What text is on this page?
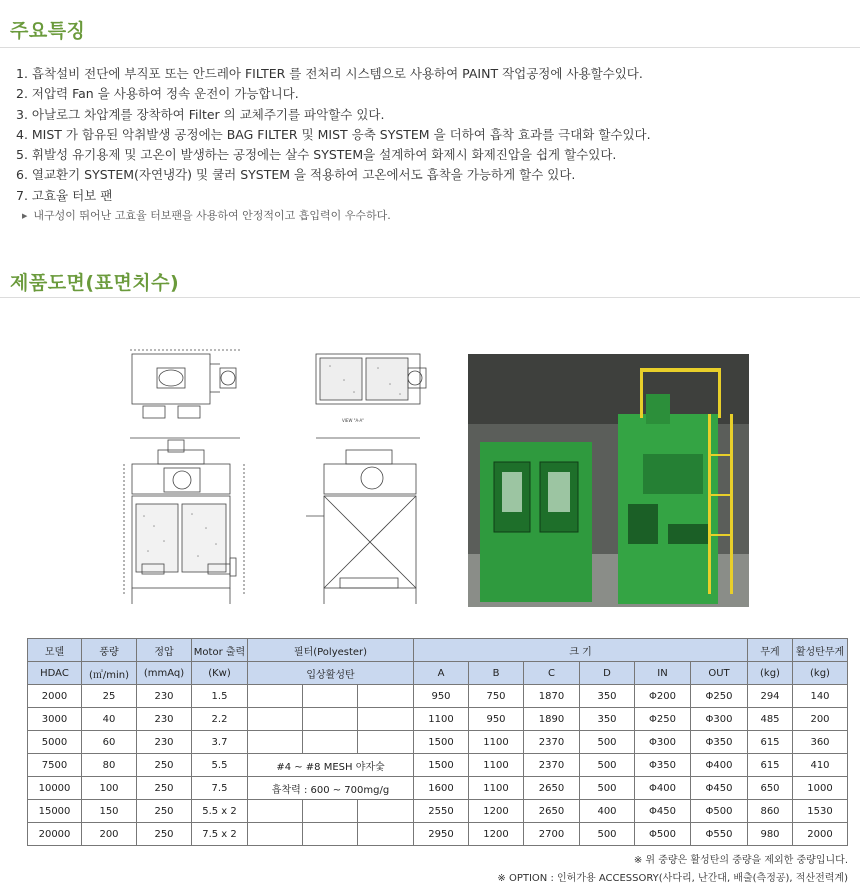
주요특징
1. 흡착설비 전단에 부직포 또는 안드레아 FILTER 를 전처리 시스템으로 사용하여 PAINT 작업공정에 사용할수있다.
2. 저압력 Fan 을 사용하여 정속 운전이 가능합니다.
3. 아날로그 차압계를 장착하여 Filter 의 교체주기를 파악할수 있다.
4. MIST 가 함유된 악취발생 공정에는 BAG FILTER 및 MIST 응축 SYSTEM 을 더하여 흡착 효과를 극대화 할수있다.
5. 휘발성 유기용제 및 고온이 발생하는 공정에는 살수 SYSTEM을 설계하여 화제시 화제진압을 쉽게 할수있다.
6. 열교환기 SYSTEM(자연냉각) 및 쿨러 SYSTEM 을 적용하여 고온에서도 흡착을 가능하게 할수 있다.
7. 고효율 터보 팬
▶ 내구성이 뛰어난 고효율 터보팬을 사용하여 안정적이고 흡입력이 우수하다.
제품도면(표면치수)
VIEW "A-A"
모델	풍량	정압	Motor 출력	필터(Polyester)			크 기						무게	활성탄무게
HDAC	(㎥/min)	(mmAq)	(Kw)	입상활성탄			A	B	C	D	IN	OUT	(kg)	(kg)
2000	25	230	1.5				950	750	1870	350	Φ200	Φ250	294	140
3000	40	230	2.2				1100	950	1890	350	Φ250	Φ300	485	200
5000	60	230	3.7				1500	1100	2370	500	Φ300	Φ350	615	360
7500	80	250	5.5	#4 ~ #8 MESH 야자숯			1500	1100	2370	500	Φ350	Φ400	615	410
10000	100	250	7.5	흡착력 : 600 ~ 700mg/g			1600	1100	2650	500	Φ400	Φ450	650	1000
15000	150	250	5.5 x 2				2550	1200	2650	400	Φ450	Φ500	860	1530
20000	200	250	7.5 x 2				2950	1200	2700	500	Φ500	Φ550	980	2000
※ 위 중량은 활성탄의 중량을 제외한 중량입니다.
※ OPTION : 인허가용 ACCESSORY(사다리, 난간대, 배출(측정공), 적산전력계)
